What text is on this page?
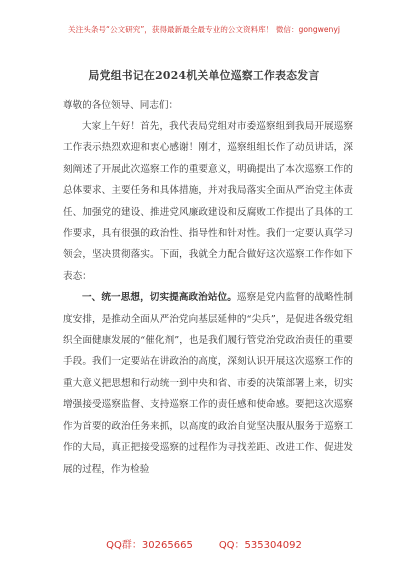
关注头条号“公文研究”，获得最新最全最专业的公文资料库！ 微信：gongwenyj
局党组书记在2024机关单位巡察工作表态发言

尊敬的各位领导、同志们：

大家上午好！首先，我代表局党组对市委巡察组到我局开展巡察工作表示热烈欢迎和衷心感谢！刚才，巡察组组长作了动员讲话，深刻阐述了开展此次巡察工作的重要意义，明确提出了本次巡察工作的总体要求、主要任务和具体措施，并对我局落实全面从严治党主体责任、加强党的建设、推进党风廉政建设和反腐败工作提出了具体的工作要求，具有很强的政治性、指导性和针对性。我们一定要认真学习领会，坚决贯彻落实。下面，我就全力配合做好这次巡察工作作如下表态：

一、统一思想，切实提高政治站位。巡察是党内监督的战略性制度安排，是推动全面从严治党向基层延伸的“尖兵”，是促进各级党组织全面健康发展的“催化剂”，也是我们履行管党治党政治责任的重要手段。我们一定要站在讲政治的高度，深刻认识开展这次巡察工作的重大意义把思想和行动统一到中央和省、市委的决策部署上来，切实增强接受巡察监督、支持巡察工作的责任感和使命感。要把这次巡察作为首要的政治任务来抓，以高度的政治自觉坚决服从服务于巡察工作的大局，真正把接受巡察的过程作为寻找差距、改进工作、促进发展的过程，作为检验

QQ群：30265665	QQ：535304092
